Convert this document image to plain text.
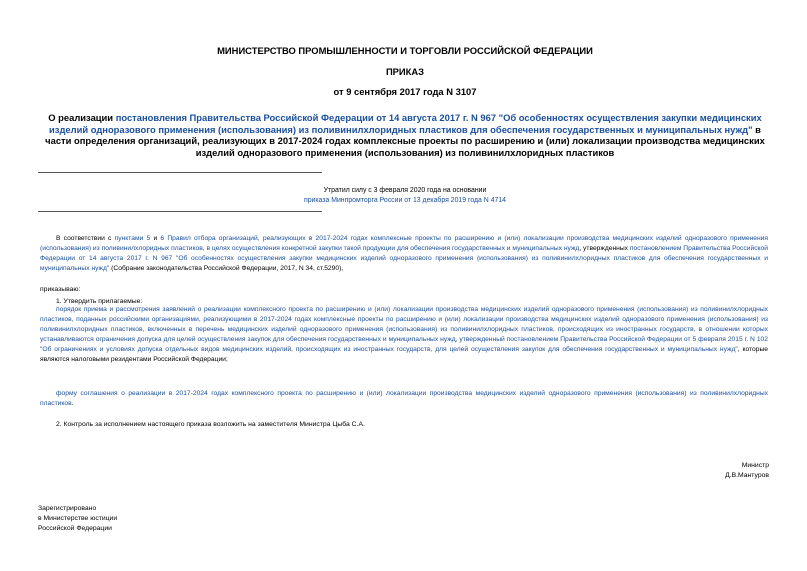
МИНИСТЕРСТВО ПРОМЫШЛЕННОСТИ И ТОРГОВЛИ РОССИЙСКОЙ ФЕДЕРАЦИИ
ПРИКАЗ
от 9 сентября 2017 года N 3107
О реализации постановления Правительства Российской Федерации от 14 августа 2017 г. N 967 "Об особенностях осуществления закупки медицинских изделий одноразового применения (использования) из поливинилхлоридных пластиков для обеспечения государственных и муниципальных нужд" в части определения организаций, реализующих в 2017-2024 годах комплексные проекты по расширению и (или) локализации производства медицинских изделий одноразового применения (использования) из поливинилхлоридных пластиков
Утратил силу с 3 февраля 2020 года на основании
приказа Минпромторга России от 13 декабря 2019 года N 4714
В соответствии с пунктами 5 и 6 Правил отбора организаций, реализующих в 2017-2024 годах комплексные проекты по расширению и (или) локализации производства медицинских изделий одноразового применения (использования) из поливинилхлоридных пластиков, в целях осуществления конкретной закупки такой продукции для обеспечения государственных и муниципальных нужд, утвержденных постановлением Правительства Российской Федерации от 14 августа 2017 г. N 967 "Об особенностях осуществления закупки медицинских изделий одноразового применения (использования) из поливинилхлоридных пластиков для обеспечения государственных и муниципальных нужд" (Собрание законодательства Российской Федерации, 2017, N 34, ст.5290),
приказываю:
1. Утвердить прилагаемые:
порядок приема и рассмотрения заявлений о реализации комплексного проекта по расширению и (или) локализации производства медицинских изделий одноразового применения (использования) из поливинилхлоридных пластиков, поданных российскими организациями, реализующими в 2017-2024 годах комплексные проекты по расширению и (или) локализации производства медицинских изделий одноразового применения (использования) из поливинилхлоридных пластиков, включенных в перечень медицинских изделий одноразового применения (использования) из поливинилхлоридных пластиков, происходящих из иностранных государств, в отношении которых устанавливаются ограничения допуска для целей осуществления закупок для обеспечения государственных и муниципальных нужд, утвержденный постановлением Правительства Российской Федерации от 5 февраля 2015 г. N 102 "Об ограничениях и условиях допуска отдельных видов медицинских изделий, происходящих из иностранных государств, для целей осуществления закупок для обеспечения государственных и муниципальных нужд", которые являются налоговыми резидентами Российской Федерации;
форму соглашения о реализации в 2017-2024 годах комплексного проекта по расширению и (или) локализации производства медицинских изделий одноразового применения (использования) из поливинилхлоридных пластиков.
2. Контроль за исполнением настоящего приказа возложить на заместителя Министра Цыба С.А.
Министр
Д.В.Мантуров
Зарегистрировано
в Министерстве юстиции
Российской Федерации
